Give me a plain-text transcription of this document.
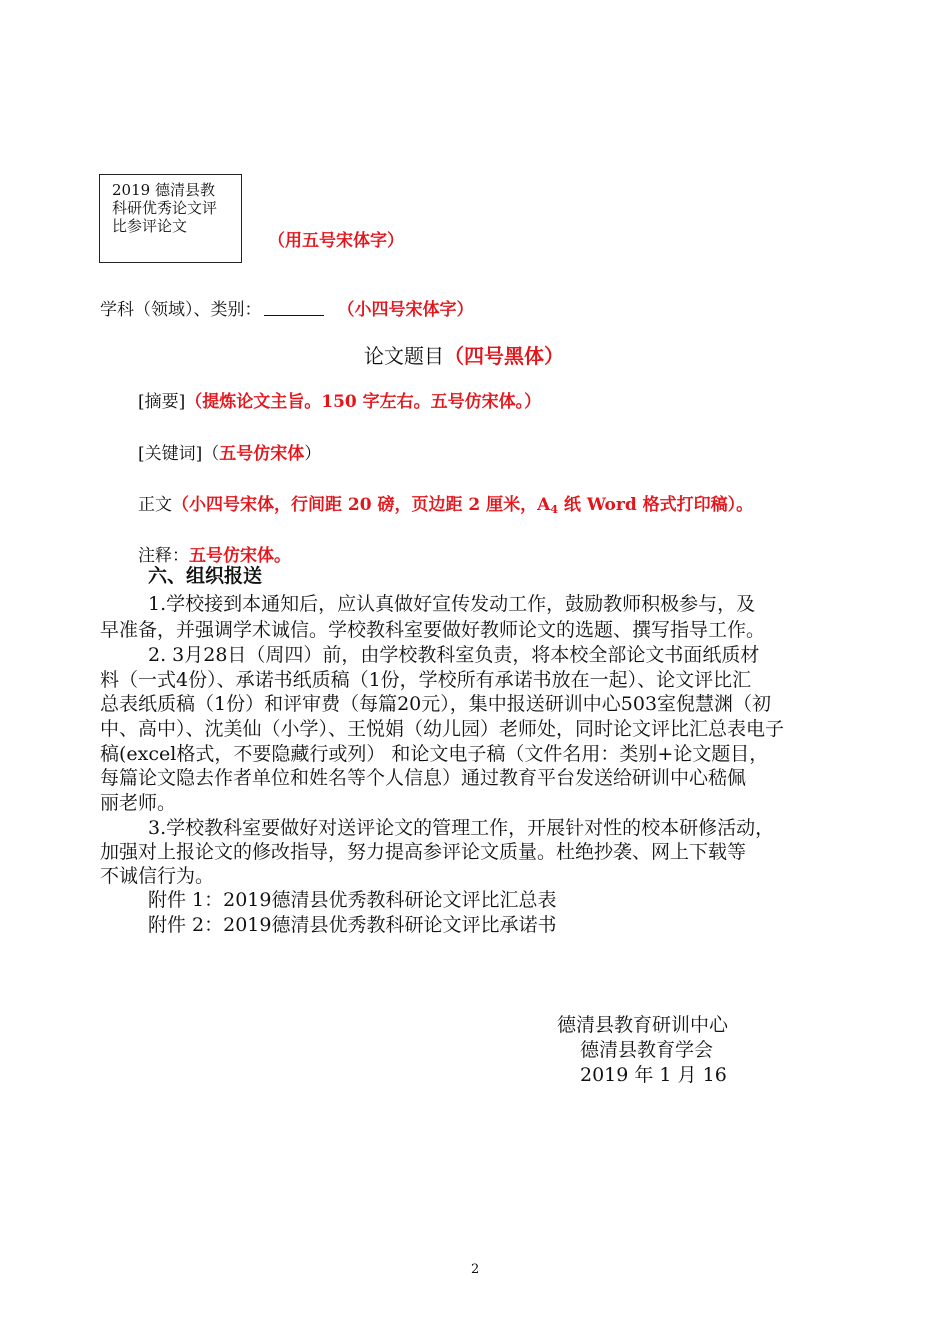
2019 德清县教
科研优秀论文评
比参评论文
（用五号宋体字）
学科（领域）、类别：	（小四号宋体字）
论文题目（四号黑体）
[摘要]（提炼论文主旨。150 字左右。五号仿宋体。）
[关键词]（五号仿宋体）
正文（小四号宋体，行间距 20 磅，页边距 2 厘米，$A_4$ 纸 Word 格式打印稿）。
注释：五号仿宋体。
六、组织报送
1.学校接到本通知后，应认真做好宣传发动工作，鼓励教师积极参与，及
早准备，并强调学术诚信。学校教科室要做好教师论文的选题、撰写指导工作。
2. 3月28日（周四）前，由学校教科室负责，将本校全部论文书面纸质材
料（一式4份）、承诺书纸质稿（1份，学校所有承诺书放在一起）、论文评比汇
总表纸质稿（1份）和评审费（每篇20元），集中报送研训中心503室倪慧渊（初
中、高中）、沈美仙（小学）、王悦娟（幼儿园）老师处，同时论文评比汇总表电子
稿(excel格式，不要隐藏行或列） 和论文电子稿（文件名用：类别+论文题目，
每篇论文隐去作者单位和姓名等个人信息）通过教育平台发送给研训中心嵇佩
丽老师。
3.学校教科室要做好对送评论文的管理工作，开展针对性的校本研修活动，
加强对上报论文的修改指导，努力提高参评论文质量。杜绝抄袭、网上下载等
不诚信行为。
附件 1：2019德清县优秀教科研论文评比汇总表
附件 2：2019德清县优秀教科研论文评比承诺书
德清县教育研训中心
德清县教育学会
2019 年 1 月 16
2
